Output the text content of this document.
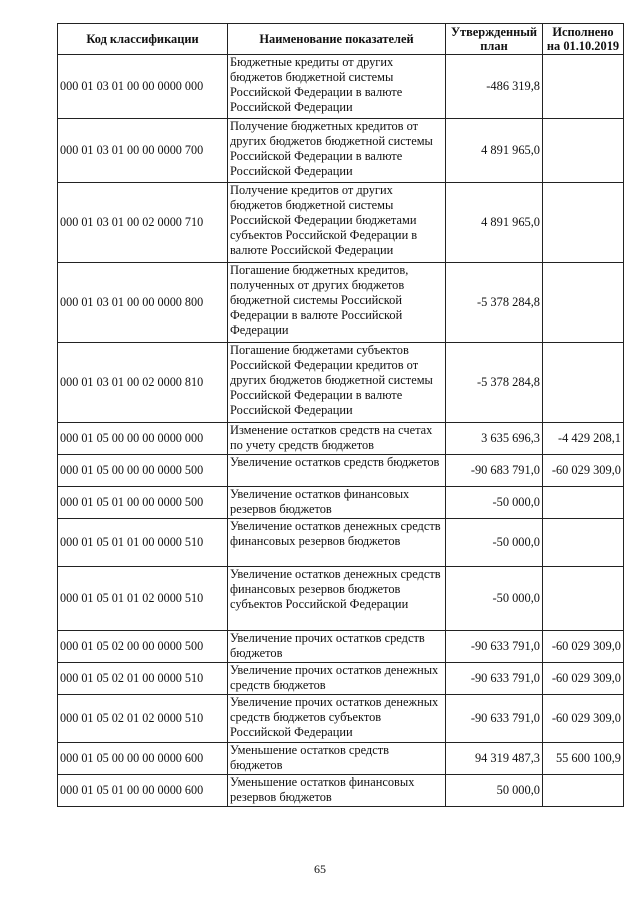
Код классификации	Наименование показателей	Утвержденный план	Исполнено на 01.10.2019
000 01 03 01 00 00 0000 000	Бюджетные кредиты от других бюджетов бюджетной системы Российской Федерации в валюте Российской Федерации	-486 319,8	
000 01 03 01 00 00 0000 700	Получение бюджетных кредитов от других бюджетов бюджетной системы Российской Федерации в валюте Российской Федерации	4 891 965,0	
000 01 03 01 00 02 0000 710	Получение кредитов от других бюджетов бюджетной системы Российской Федерации бюджетами субъектов Российской Федерации в валюте Российской Федерации	4 891 965,0	
000 01 03 01 00 00 0000 800	Погашение бюджетных кредитов, полученных от других бюджетов бюджетной системы Российской Федерации в валюте Российской Федерации	-5 378 284,8	
000 01 03 01 00 02 0000 810	Погашение бюджетами субъектов Российской Федерации кредитов от других бюджетов бюджетной системы Российской Федерации в валюте Российской Федерации	-5 378 284,8	
000 01 05 00 00 00 0000 000	Изменение остатков средств на счетах по учету средств бюджетов	3 635 696,3	-4 429 208,1
000 01 05 00 00 00 0000 500	Увеличение остатков средств бюджетов	-90 683 791,0	-60 029 309,0
000 01 05 01 00 00 0000 500	Увеличение остатков финансовых резервов бюджетов	-50 000,0	
000 01 05 01 01 00 0000 510	Увеличение остатков денежных средств финансовых резервов бюджетов	-50 000,0	
000 01 05 01 01 02 0000 510	Увеличение остатков денежных средств финансовых резервов бюджетов субъектов Российской Федерации	-50 000,0	
000 01 05 02 00 00 0000 500	Увеличение прочих остатков средств бюджетов	-90 633 791,0	-60 029 309,0
000 01 05 02 01 00 0000 510	Увеличение прочих остатков денежных средств бюджетов	-90 633 791,0	-60 029 309,0
000 01 05 02 01 02 0000 510	Увеличение прочих остатков денежных средств бюджетов субъектов Российской Федерации	-90 633 791,0	-60 029 309,0
000 01 05 00 00 00 0000 600	Уменьшение остатков средств бюджетов	94 319 487,3	55 600 100,9
000 01 05 01 00 00 0000 600	Уменьшение остатков финансовых резервов бюджетов	50 000,0	
65
